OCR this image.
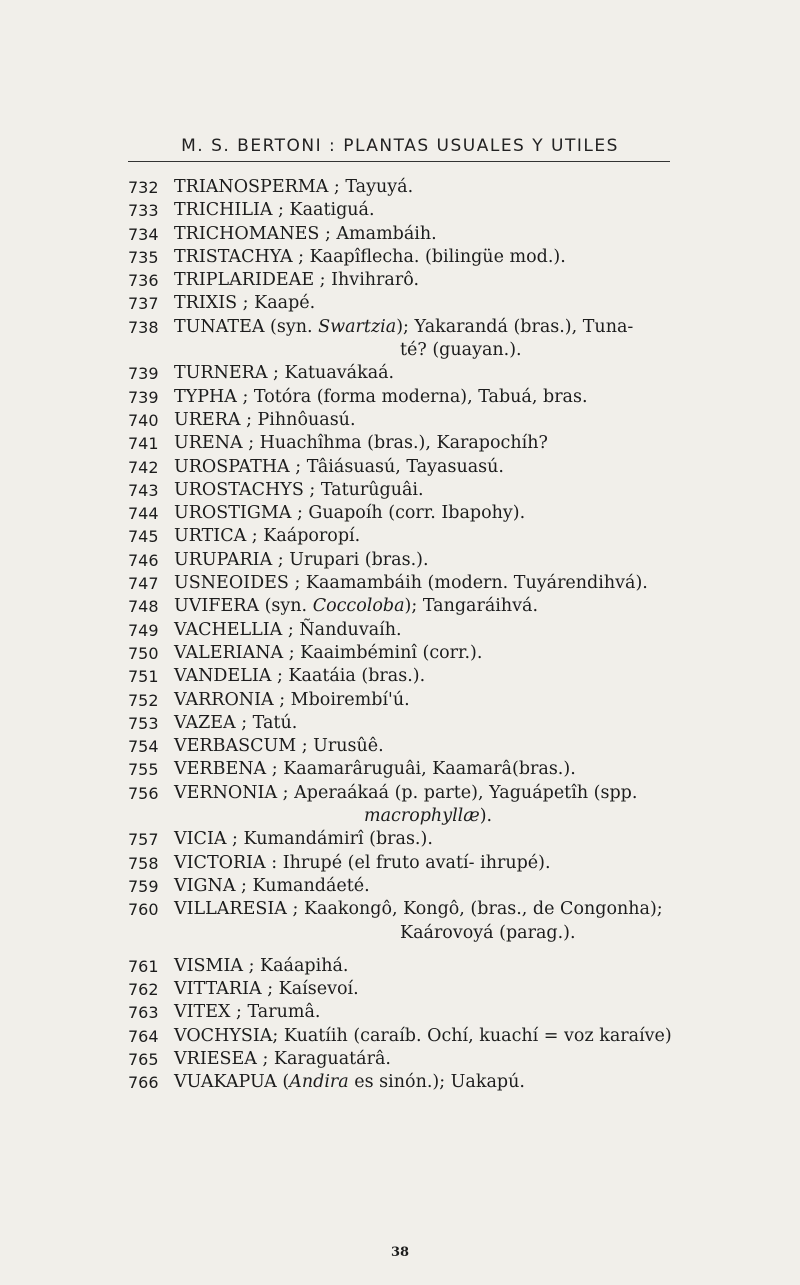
M. S. BERTONI : PLANTAS USUALES Y UTILES
732 TRIANOSPERMA ; Tayuyá.
733 TRICHILIA ; Kaatiguá.
734 TRICHOMANES ; Amambáih.
735 TRISTACHYA ; Kaapîflecha. (bilingüe mod.).
736 TRIPLARIDEAE ; Ihvihrarô.
737 TRIXIS ; Kaapé.
738 TUNATEA (syn. Swartzia); Yakarandá (bras.), Tuna-
té? (guayan.).
739 TURNERA ; Katuavákaá.
739 TYPHA ; Totóra (forma moderna), Tabuá, bras.
740 URERA ; Pihnôuasú.
741 URENA ; Huachîhma (bras.), Karapochíh?
742 UROSPATHA ; Tâiásuasú, Tayasuasú.
743 UROSTACHYS ; Taturûguâi.
744 UROSTIGMA ; Guapoíh (corr. Ibapohy).
745 URTICA ; Kaáporopí.
746 URUPARIA ; Urupari (bras.).
747 USNEOIDES ; Kaamambáih (modern. Tuyárendihvá).
748 UVIFERA (syn. Coccoloba); Tangaráihvá.
749 VACHELLIA ; Ñanduvaíh.
750 VALERIANA ; Kaaimbéminî (corr.).
751 VANDELIA ; Kaatáia (bras.).
752 VARRONIA ; Mboirembí'ú.
753 VAZEA ; Tatú.
754 VERBASCUM ; Urusûê.
755 VERBENA ; Kaamarâruguâi, Kaamarâ(bras.).
756 VERNONIA ; Aperaákaá (p. parte), Yaguápetîh (spp.
macrophyllæ).
757 VICIA ; Kumandámirî (bras.).
758 VICTORIA : Ihrupé (el fruto avatí- ihrupé).
759 VIGNA ; Kumandáeté.
760 VILLARESIA ; Kaakongô, Kongô, (bras., de Congonha);
Kaárovoyá (parag.).
761 VISMIA ; Kaáapihá.
762 VITTARIA ; Kaísevoí.
763 VITEX ; Tarumâ.
764 VOCHYSIA; Kuatíih (caraíb. Ochí, kuachí = voz karaíve)
765 VRIESEA ; Karaguatárâ.
766 VUAKAPUA (Andira es sinón.); Uakapú.
38
